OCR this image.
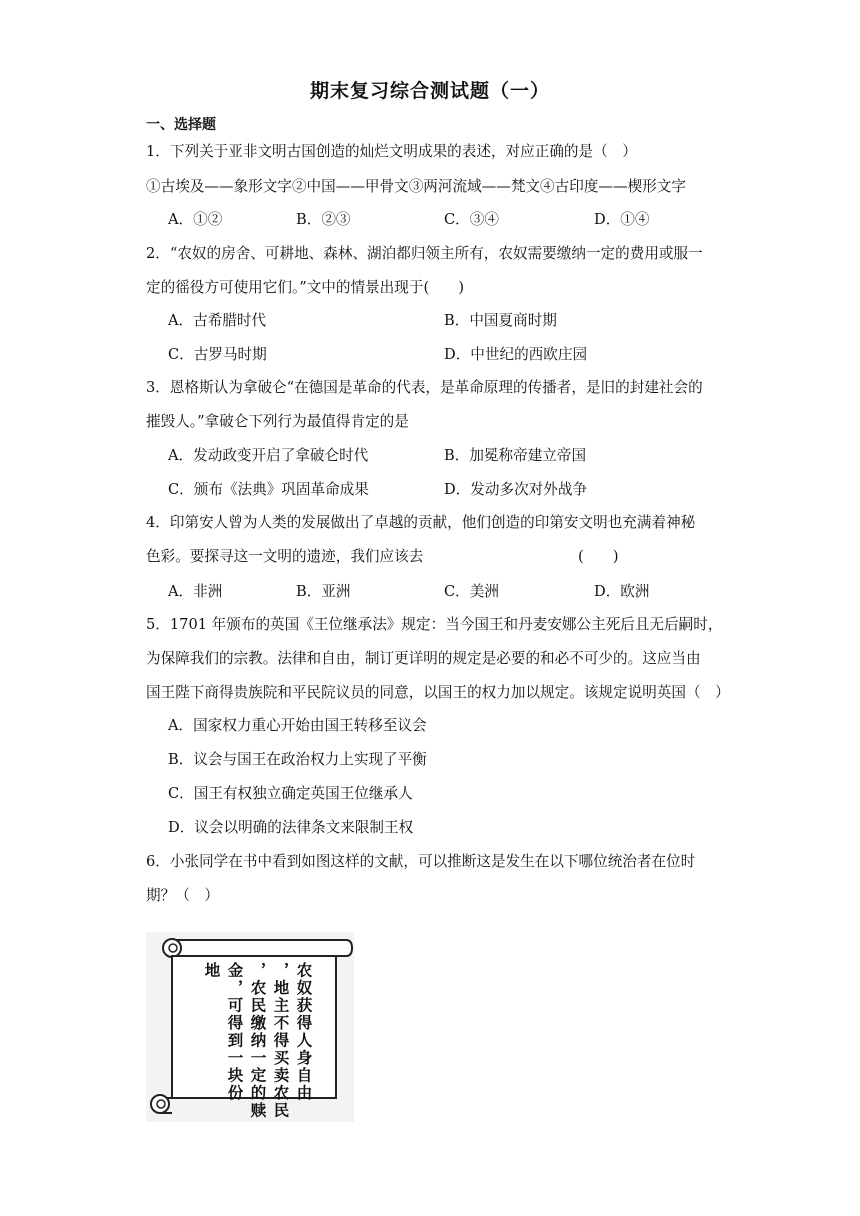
期末复习综合测试题（一）
一、选择题
1．下列关于亚非文明古国创造的灿烂文明成果的表述，对应正确的是（　）
①古埃及——象形文字②中国——甲骨文③两河流域——梵文④古印度——楔形文字
A．①②	B．②③	C．③④	D．①④
2．“农奴的房舍、可耕地、森林、湖泊都归领主所有，农奴需要缴纳一定的费用或服一
定的徭役方可使用它们。”文中的情景出现于(　　)
A．古希腊时代	B．中国夏商时期
C．古罗马时期	D．中世纪的西欧庄园
3．恩格斯认为拿破仑“在德国是革命的代表，是革命原理的传播者，是旧的封建社会的
摧毁人。”拿破仑下列行为最值得肯定的是
A．发动政变开启了拿破仑时代	B．加冕称帝建立帝国
C．颁布《法典》巩固革命成果	D．发动多次对外战争
4．印第安人曾为人类的发展做出了卓越的贡献，他们创造的印第安文明也充满着神秘
色彩。要探寻这一文明的遗迹，我们应该去	(　　)
A．非洲	B．亚洲	C．美洲	D．欧洲
5．1701 年颁布的英国《王位继承法》规定：当今国王和丹麦安娜公主死后且无后嗣时，
为保障我们的宗教。法律和自由，制订更详明的规定是必要的和必不可少的。这应当由
国王陛下商得贵族院和平民院议员的同意，以国王的权力加以规定。该规定说明英国（　）
A．国家权力重心开始由国王转移至议会
B．议会与国王在政治权力上实现了平衡
C．国王有权独立确定英国王位继承人
D．议会以明确的法律条文来限制王权
6．小张同学在书中看到如图这样的文献，可以推断这是发生在以下哪位统治者在位时
期？（　）
农奴获得人身自由
，地主不得买卖农民
，农民缴纳一定的赎
金，可得到一块份
地
